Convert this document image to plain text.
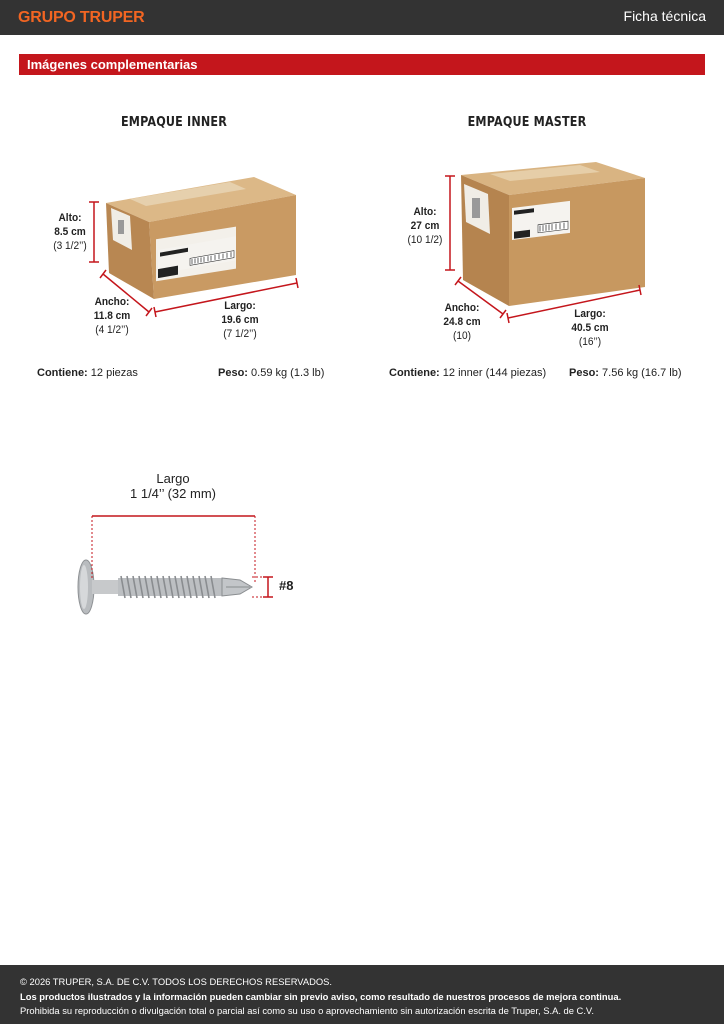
GRUPO TRUPER	Ficha técnica
Imágenes complementarias
EMPAQUE INNER
Alto:
8.5 cm
(3 1/2’’)
Ancho:
11.8 cm
(4 1/2’’)
Largo:
19.6 cm
(7 1/2’’)
Contiene: 12 piezas	Peso: 0.59 kg (1.3 lb)
EMPAQUE MASTER
Alto:
27 cm
(10 1/2)
Ancho:
24.8 cm
(10)
Largo:
40.5 cm
(16’’)
Contiene: 12 inner (144 piezas) Peso: 7.56 kg (16.7 lb)
Largo
1 1/4’’ (32 mm)
#8
© 2026 TRUPER, S.A. DE C.V. TODOS LOS DERECHOS RESERVADOS.
Los productos ilustrados y la información pueden cambiar sin previo aviso, como resultado de nuestros procesos de mejora continua.
Prohibida su reproducción o divulgación total o parcial así como su uso o aprovechamiento sin autorización escrita de Truper, S.A. de C.V.
